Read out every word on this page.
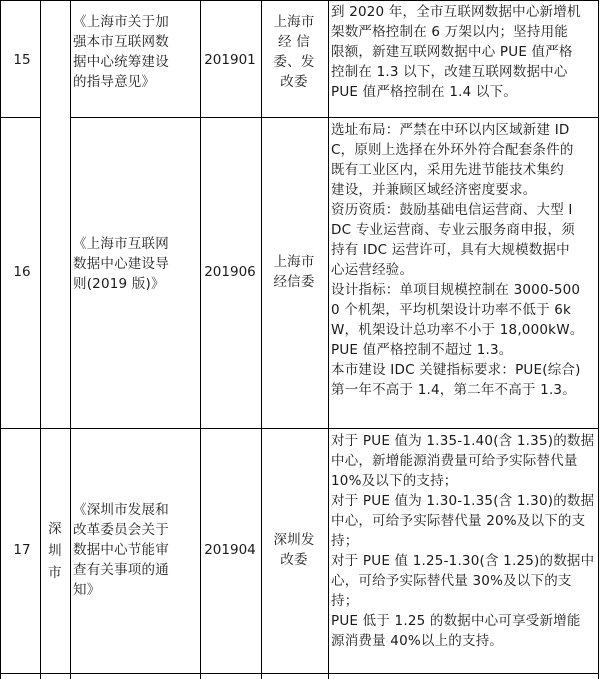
15
《上海市关于加
强本市互联网数
据中心统筹建设
的指导意见》
201901
上海市
经 信
委、发
改委

到 2020 年，全市互联网数据中心新增机
架数严格控制在 6 万架以内；坚持用能
限额，新建互联网数据中心 PUE 值严格
控制在 1.3 以下，改建互联网数据中心
PUE 值严格控制在 1.4 以下。

16
《上海市互联网
数据中心建设导
则(2019 版)》
201906
上海市
经信委

选址布局：严禁在中环以内区域新建 ID
C，原则上选择在外环外符合配套条件的
既有工业区内，采用先进节能技术集约
建设，并兼顾区域经济密度要求。

资历资质：鼓励基础电信运营商、大型 I
DC 专业运营商、专业云服务商申报，须
持有 IDC 运营许可，具有大规模数据中
心运营经验。

设计指标：单项目规模控制在 3000-500
0 个机架，平均机架设计功率不低于 6k
W，机架设计总功率不小于 18,000kW。
PUE 值严格控制不超过 1.3。

本市建设 IDC 关键指标要求：PUE(综合)
第一年不高于 1.4，第二年不高于 1.3。

17
深
圳
市
《深圳市发展和
改革委员会关于
数据中心节能审
查有关事项的通
知》
201904
深圳发
改委

对于 PUE 值为 1.35-1.40(含 1.35)的数据
中心，新增能源消费量可给予实际替代量
10%及以下的支持；

对于 PUE 值为 1.30-1.35(含 1.30)的数据
中心，可给予实际替代量 20%及以下的支
持；

对于 PUE 值 1.25-1.30(含 1.25)的数据中
心，可给予实际替代量 30%及以下的支
持；

PUE 低于 1.25 的数据中心可享受新增能
源消费量 40%以上的支持。
